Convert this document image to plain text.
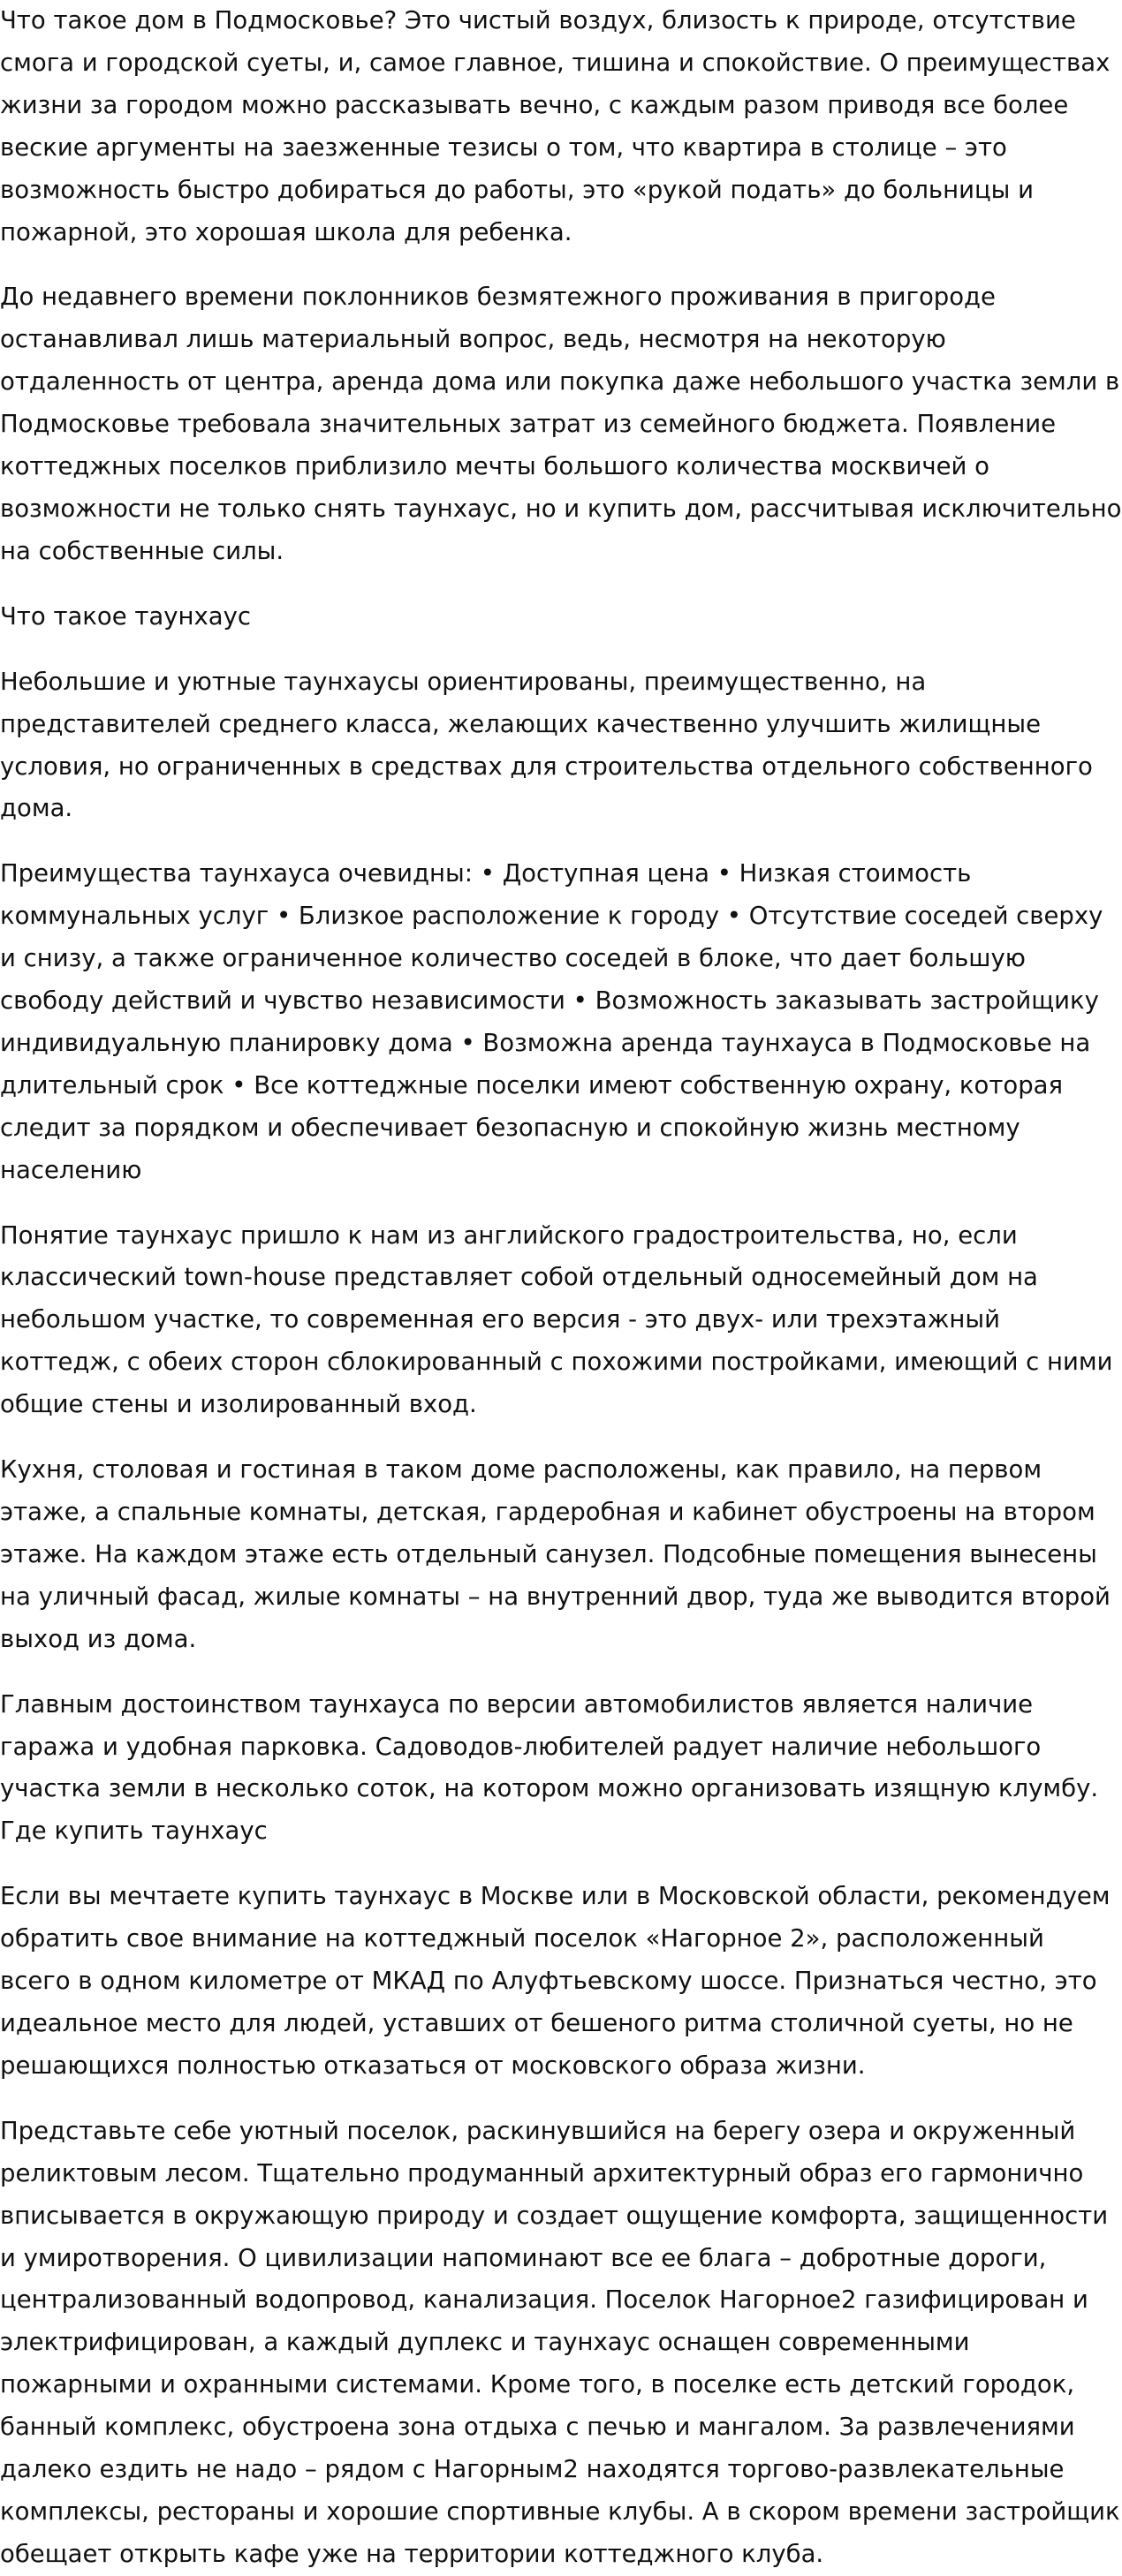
Что такое дом в Подмосковье? Это чистый воздух, близость к природе, отсутствие смога и городской суеты, и, самое главное, тишина и спокойствие. О преимуществах жизни за городом можно рассказывать вечно, с каждым разом приводя все более веские аргументы на заезженные тезисы о том, что квартира в столице – это возможность быстро добираться до работы, это «рукой подать» до больницы и пожарной, это хорошая школа для ребенка.

До недавнего времени поклонников безмятежного проживания в пригороде останавливал лишь материальный вопрос, ведь, несмотря на некоторую отдаленность от центра, аренда дома или покупка даже небольшого участка земли в Подмосковье требовала значительных затрат из семейного бюджета. Появление коттеджных поселков приблизило мечты большого количества москвичей о возможности не только снять таунхаус, но и купить дом, рассчитывая исключительно на собственные силы.

Что такое таунхаус

Небольшие и уютные таунхаусы ориентированы, преимущественно, на представителей среднего класса, желающих качественно улучшить жилищные условия, но ограниченных в средствах для строительства отдельного собственного дома.

Преимущества таунхауса очевидны: • Доступная цена • Низкая стоимость коммунальных услуг • Близкое расположение к городу • Отсутствие соседей сверху и снизу, а также ограниченное количество соседей в блоке, что дает большую свободу действий и чувство независимости • Возможность заказывать застройщику индивидуальную планировку дома • Возможна аренда таунхауса в Подмосковье на длительный срок • Все коттеджные поселки имеют собственную охрану, которая следит за порядком и обеспечивает безопасную и спокойную жизнь местному населению

Понятие таунхаус пришло к нам из английского градостроительства, но, если классический town-house представляет собой отдельный односемейный дом на небольшом участке, то современная его версия - это двух- или трехэтажный коттедж, с обеих сторон сблокированный с похожими постройками, имеющий с ними общие стены и изолированный вход.

Кухня, столовая и гостиная в таком доме расположены, как правило, на первом этаже, а спальные комнаты, детская, гардеробная и кабинет обустроены на втором этаже. На каждом этаже есть отдельный санузел. Подсобные помещения вынесены на уличный фасад, жилые комнаты – на внутренний двор, туда же выводится второй выход из дома.

Главным достоинством таунхауса по версии автомобилистов является наличие гаража и удобная парковка. Садоводов-любителей радует наличие небольшого участка земли в несколько соток, на котором можно организовать изящную клумбу. Где купить таунхаус

Если вы мечтаете купить таунхаус в Москве или в Московской области, рекомендуем обратить свое внимание на коттеджный поселок «Нагорное 2», расположенный всего в одном километре от МКАД по Алуфтьевскому шоссе. Признаться честно, это идеальное место для людей, уставших от бешеного ритма столичной суеты, но не решающихся полностью отказаться от московского образа жизни.

Представьте себе уютный поселок, раскинувшийся на берегу озера и окруженный реликтовым лесом. Тщательно продуманный архитектурный образ его гармонично вписывается в окружающую природу и создает ощущение комфорта, защищенности и умиротворения. О цивилизации напоминают все ее блага – добротные дороги, централизованный водопровод, канализация. Поселок Нагорное2 газифицирован и электрифицирован, а каждый дуплекс и таунхаус оснащен современными пожарными и охранными системами. Кроме того, в поселке есть детский городок, банный комплекс, обустроена зона отдыха с печью и мангалом. За развлечениями далеко ездить не надо – рядом с Нагорным2 находятся торгово-развлекательные комплексы, рестораны и хорошие спортивные клубы. А в скором времени застройщик обещает открыть кафе уже на территории коттеджного клуба.
